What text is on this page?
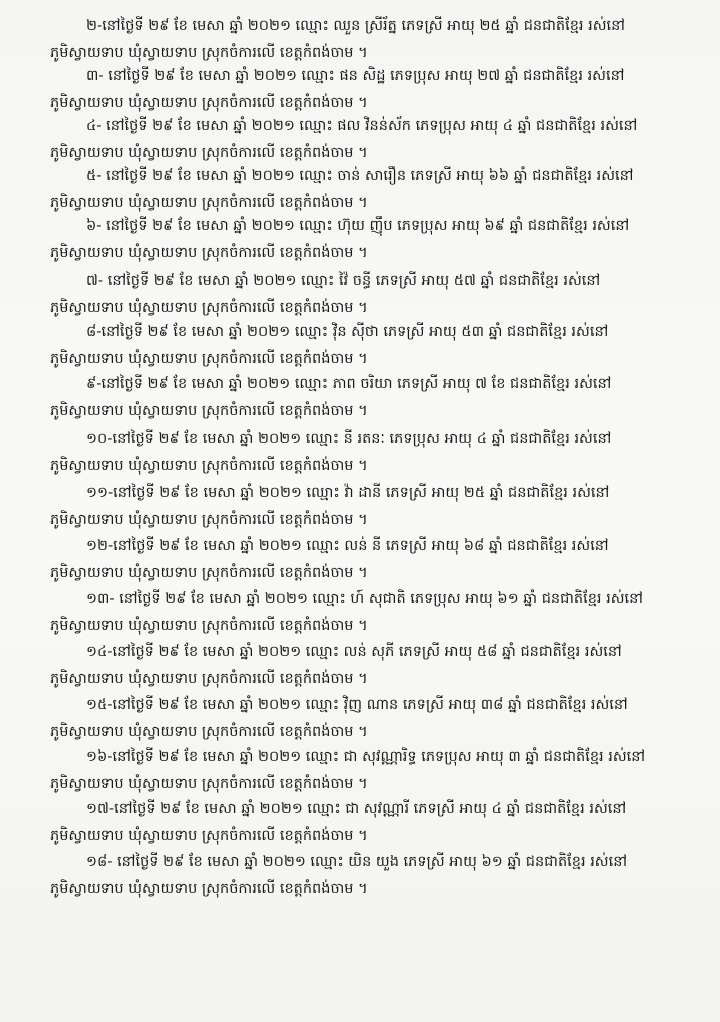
២-នៅថ្ងៃទី ២៩ ខែ មេសា ឆ្នាំ ២០២១ ឈ្មោះ ឈួន ស្រីរ័ត្ន ភេទស្រី អាយុ ២៥ ឆ្នាំ ជនជាតិខ្មែរ រស់នៅ
ភូមិស្វាយទាប ឃុំស្វាយទាប ស្រុកចំការលើ ខេត្តកំពង់ចាម ។
៣- នៅថ្ងៃទី ២៩ ខែ មេសា ឆ្នាំ ២០២១ ឈ្មោះ ផន សិដ្ឋ ភេទប្រុស អាយុ ២៧ ឆ្នាំ ជនជាតិខ្មែរ រស់នៅ
ភូមិស្វាយទាប ឃុំស្វាយទាប ស្រុកចំការលើ ខេត្តកំពង់ចាម ។
៤- នៅថ្ងៃទី ២៩ ខែ មេសា ឆ្នាំ ២០២១ ឈ្មោះ ផល វិនន់ស័ក ភេទប្រុស អាយុ ៤ ឆ្នាំ ជនជាតិខ្មែរ រស់នៅ
ភូមិស្វាយទាប ឃុំស្វាយទាប ស្រុកចំការលើ ខេត្តកំពង់ចាម ។
៥- នៅថ្ងៃទី ២៩ ខែ មេសា ឆ្នាំ ២០២១ ឈ្មោះ ចាន់ សារឿន ភេទស្រី អាយុ ៦៦ ឆ្នាំ ជនជាតិខ្មែរ រស់នៅ
ភូមិស្វាយទាប ឃុំស្វាយទាប ស្រុកចំការលើ ខេត្តកំពង់ចាម ។
៦- នៅថ្ងៃទី ២៩ ខែ មេសា ឆ្នាំ ២០២១ ឈ្មោះ ហ៊ុយ ញ៉ឹប ភេទប្រុស អាយុ ៦៩ ឆ្នាំ ជនជាតិខ្មែរ រស់នៅ
ភូមិស្វាយទាប ឃុំស្វាយទាប ស្រុកចំការលើ ខេត្តកំពង់ចាម ។
៧- នៅថ្ងៃទី ២៩ ខែ មេសា ឆ្នាំ ២០២១ ឈ្មោះ វ៉ៃ ចន្ធី ភេទស្រី អាយុ ៥៧ ឆ្នាំ ជនជាតិខ្មែរ រស់នៅ
ភូមិស្វាយទាប ឃុំស្វាយទាប ស្រុកចំការលើ ខេត្តកំពង់ចាម ។
៨-នៅថ្ងៃទី ២៩ ខែ មេសា ឆ្នាំ ២០២១ ឈ្មោះ វ៉ិន ស៊ីថា ភេទស្រី អាយុ ៥៣ ឆ្នាំ ជនជាតិខ្មែរ រស់នៅ
ភូមិស្វាយទាប ឃុំស្វាយទាប ស្រុកចំការលើ ខេត្តកំពង់ចាម ។
៩-នៅថ្ងៃទី ២៩ ខែ មេសា ឆ្នាំ ២០២១ ឈ្មោះ ភាព ចរិយា ភេទស្រី អាយុ ៧ ខែ ជនជាតិខ្មែរ រស់នៅ
ភូមិស្វាយទាប ឃុំស្វាយទាប ស្រុកចំការលើ ខេត្តកំពង់ចាម ។
១០-នៅថ្ងៃទី ២៩ ខែ មេសា ឆ្នាំ ២០២១ ឈ្មោះ នី រតនៈ ភេទប្រុស អាយុ ៤ ឆ្នាំ ជនជាតិខ្មែរ រស់នៅ
ភូមិស្វាយទាប ឃុំស្វាយទាប ស្រុកចំការលើ ខេត្តកំពង់ចាម ។
១១-នៅថ្ងៃទី ២៩ ខែ មេសា ឆ្នាំ ២០២១ ឈ្មោះ វ៉ា ដានី ភេទស្រី អាយុ ២៥ ឆ្នាំ ជនជាតិខ្មែរ រស់នៅ
ភូមិស្វាយទាប ឃុំស្វាយទាប ស្រុកចំការលើ ខេត្តកំពង់ចាម ។
១២-នៅថ្ងៃទី ២៩ ខែ មេសា ឆ្នាំ ២០២១ ឈ្មោះ លន់ នី ភេទស្រី អាយុ ៦៨ ឆ្នាំ ជនជាតិខ្មែរ រស់នៅ
ភូមិស្វាយទាប ឃុំស្វាយទាប ស្រុកចំការលើ ខេត្តកំពង់ចាម ។
១៣- នៅថ្ងៃទី ២៩ ខែ មេសា ឆ្នាំ ២០២១ ឈ្មោះ ហ៍ សុជាតិ ភេទប្រុស អាយុ ៦១ ឆ្នាំ ជនជាតិខ្មែរ រស់នៅ
ភូមិស្វាយទាប ឃុំស្វាយទាប ស្រុកចំការលើ ខេត្តកំពង់ចាម ។
១៤-នៅថ្ងៃទី ២៩ ខែ មេសា ឆ្នាំ ២០២១ ឈ្មោះ លន់ សុភី ភេទស្រី អាយុ ៥៨ ឆ្នាំ ជនជាតិខ្មែរ រស់នៅ
ភូមិស្វាយទាប ឃុំស្វាយទាប ស្រុកចំការលើ ខេត្តកំពង់ចាម ។
១៥-នៅថ្ងៃទី ២៩ ខែ មេសា ឆ្នាំ ២០២១ ឈ្មោះ វ៉ិញ ណាន ភេទស្រី អាយុ ៣៨ ឆ្នាំ ជនជាតិខ្មែរ រស់នៅ
ភូមិស្វាយទាប ឃុំស្វាយទាប ស្រុកចំការលើ ខេត្តកំពង់ចាម ។
១៦-នៅថ្ងៃទី ២៩ ខែ មេសា ឆ្នាំ ២០២១ ឈ្មោះ ជា សុវណ្ណារិទ្ធ ភេទប្រុស អាយុ ៣ ឆ្នាំ ជនជាតិខ្មែរ រស់នៅ
ភូមិស្វាយទាប ឃុំស្វាយទាប ស្រុកចំការលើ ខេត្តកំពង់ចាម ។
១៧-នៅថ្ងៃទី ២៩ ខែ មេសា ឆ្នាំ ២០២១ ឈ្មោះ ជា សុវណ្ណារី ភេទស្រី អាយុ ៤ ឆ្នាំ ជនជាតិខ្មែរ រស់នៅ
ភូមិស្វាយទាប ឃុំស្វាយទាប ស្រុកចំការលើ ខេត្តកំពង់ចាម ។
១៨- នៅថ្ងៃទី ២៩ ខែ មេសា ឆ្នាំ ២០២១ ឈ្មោះ យិន យួង ភេទស្រី អាយុ ៦១ ឆ្នាំ ជនជាតិខ្មែរ រស់នៅ
ភូមិស្វាយទាប ឃុំស្វាយទាប ស្រុកចំការលើ ខេត្តកំពង់ចាម ។
